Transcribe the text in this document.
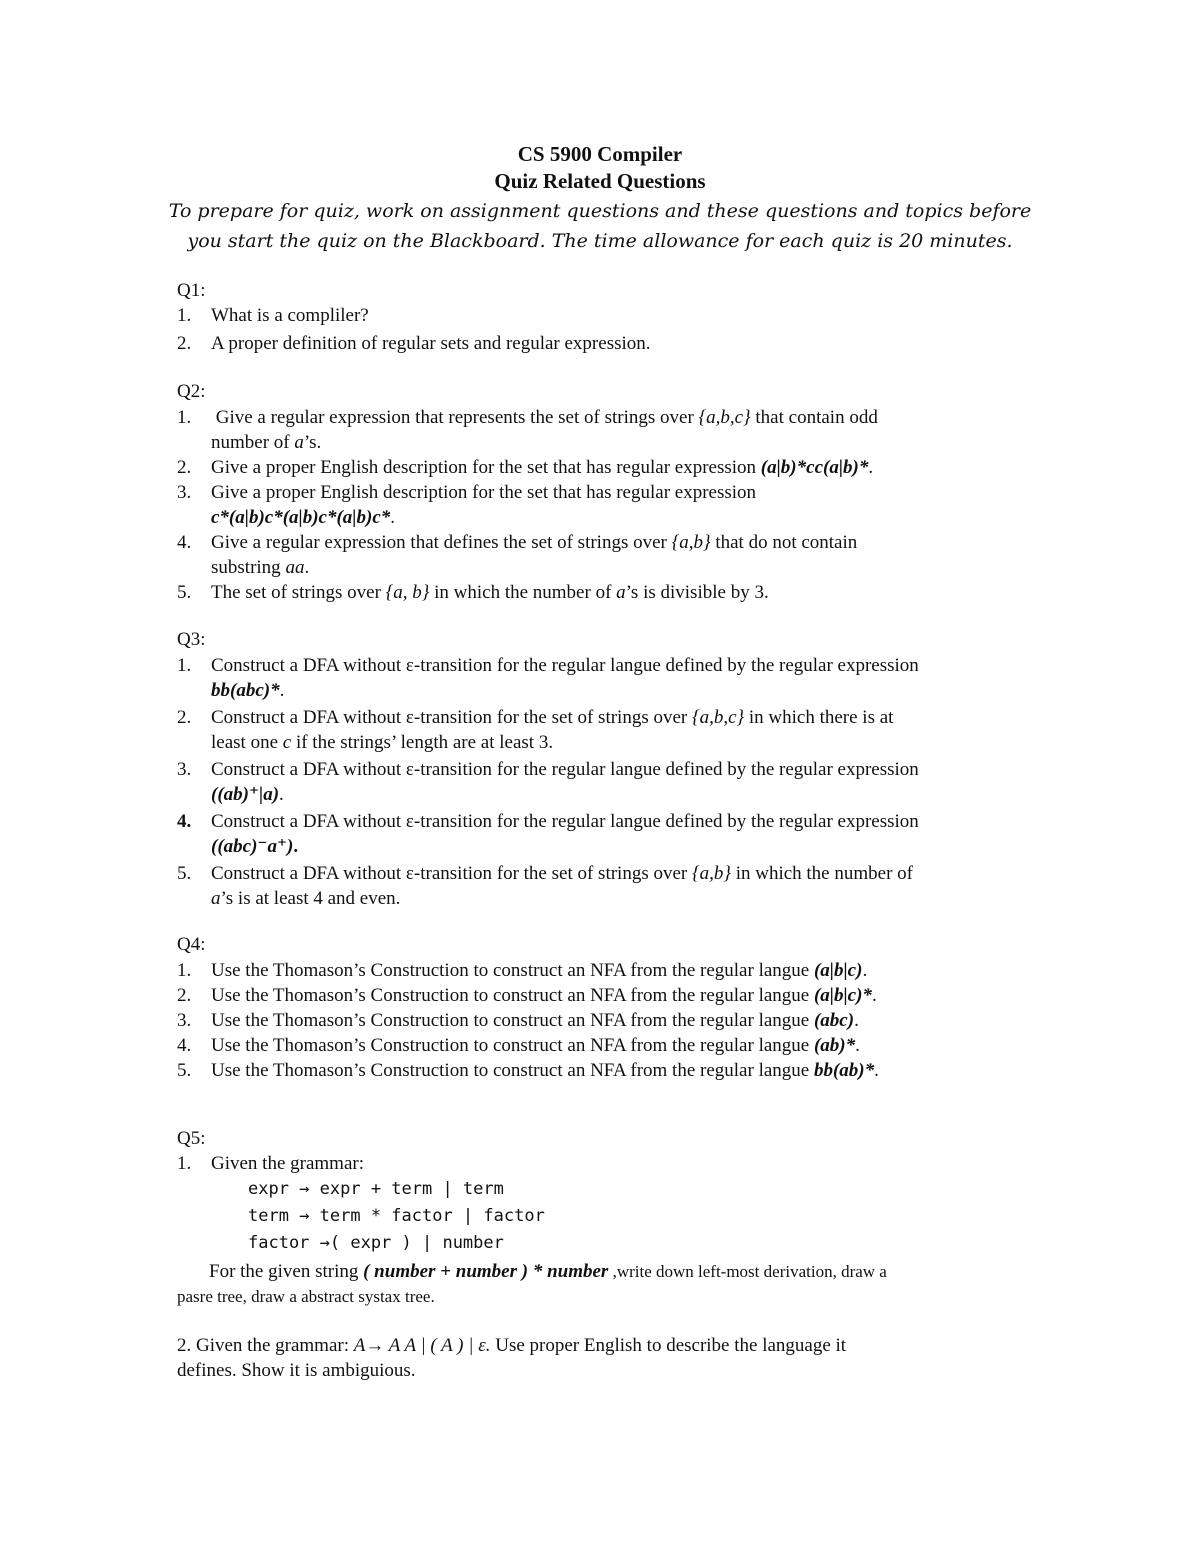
CS 5900 Compiler
Quiz Related Questions
To prepare for quiz, work on assignment questions and these questions and topics before
you start the quiz on the Blackboard. The time allowance for each quiz is 20 minutes.
Q1:
1. What is a compliler?
2. A proper definition of regular sets and regular expression.
Q2:
1. Give a regular expression that represents the set of strings over {a,b,c} that contain odd
number of a’s.
2. Give a proper English description for the set that has regular expression (a|b)*cc(a|b)*.
3. Give a proper English description for the set that has regular expression
c*(a|b)c*(a|b)c*(a|b)c*.
4. Give a regular expression that defines the set of strings over {a,b} that do not contain
substring aa.
5. The set of strings over {a, b} in which the number of a’s is divisible by 3.
Q3:
1. Construct a DFA without ε-transition for the regular langue defined by the regular expression
bb(abc)*.
2. Construct a DFA without ε-transition for the set of strings over {a,b,c} in which there is at
least one c if the strings’ length are at least 3.
3. Construct a DFA without ε-transition for the regular langue defined by the regular expression
((ab)⁺|a).
4. Construct a DFA without ε-transition for the regular langue defined by the regular expression
((abc)⁻a⁺).
5. Construct a DFA without ε-transition for the set of strings over {a,b} in which the number of
a’s is at least 4 and even.
Q4:
1. Use the Thomason’s Construction to construct an NFA from the regular langue (a|b|c).
2. Use the Thomason’s Construction to construct an NFA from the regular langue (a|b|c)*.
3. Use the Thomason’s Construction to construct an NFA from the regular langue (abc).
4. Use the Thomason’s Construction to construct an NFA from the regular langue (ab)*.
5. Use the Thomason’s Construction to construct an NFA from the regular langue bb(ab)*.
Q5:
1. Given the grammar:
expr → expr + term | term
term → term * factor | factor
factor →( expr ) | number
For the given string ( number + number ) * number ,write down left-most derivation, draw a
pasre tree, draw a abstract systax tree.
2. Given the grammar: A→ A A | ( A ) | ε. Use proper English to describe the language it
defines. Show it is ambiguious.
